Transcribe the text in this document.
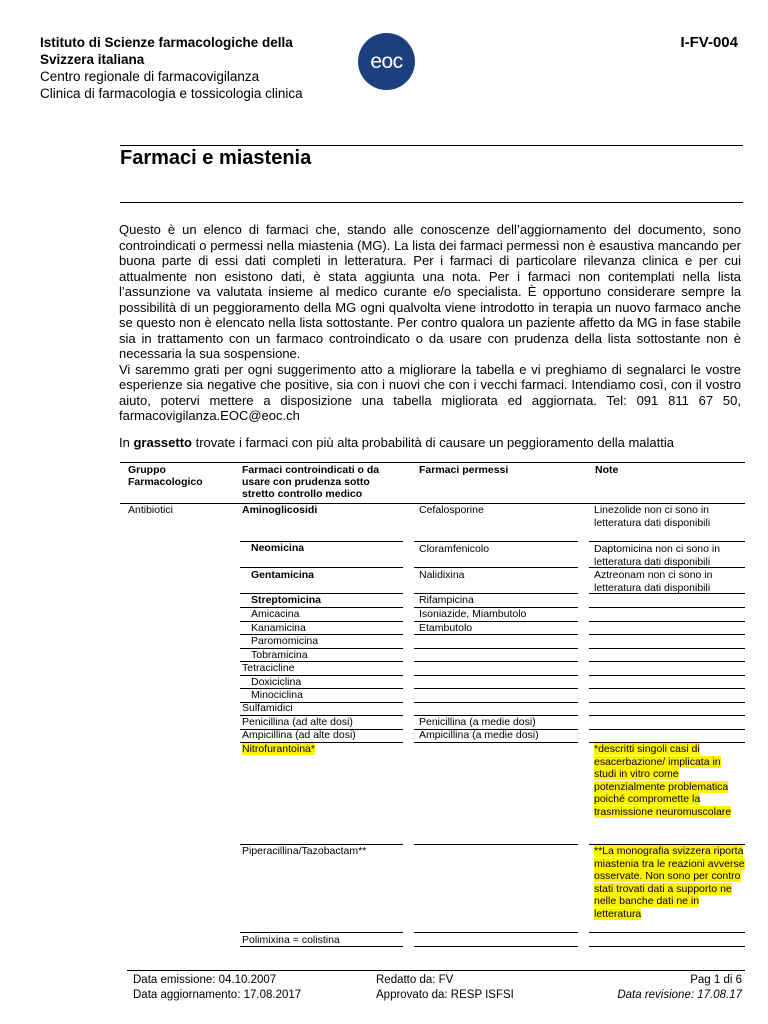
Istituto di Scienze farmacologiche della
Svizzera italiana
Centro regionale di farmacovigilanza
Clinica di farmacologia e tossicologia clinica
eoc
I-FV-004
Farmaci e miastenia

Questo è un elenco di farmaci che, stando alle conoscenze dell’aggiornamento del documento, sono controindicati o permessi nella miastenia (MG). La lista dei farmaci permessi non è esaustiva mancando per buona parte di essi dati completi in letteratura. Per i farmaci di particolare rilevanza clinica e per cui attualmente non esistono dati, è stata aggiunta una nota. Per i farmaci non contemplati nella lista l’assunzione va valutata insieme al medico curante e/o specialista. È opportuno considerare sempre la possibilità di un peggioramento della MG ogni qualvolta viene introdotto in terapia un nuovo farmaco anche se questo non è elencato nella lista sottostante. Per contro qualora un paziente affetto da MG in fase stabile sia in trattamento con un farmaco controindicato o da usare con prudenza della lista sottostante non è necessaria la sua sospensione.

Vi saremmo grati per ogni suggerimento atto a migliorare la tabella e vi preghiamo di segnalarci le vostre esperienze sia negative che positive, sia con i nuovi che con i vecchi farmaci. Intendiamo così, con il vostro aiuto, potervi mettere a disposizione una tabella migliorata ed aggiornata. Tel: 091 811 67 50, farmacovigilanza.EOC@eoc.ch

In grassetto trovate i farmaci con più alta probabilità di causare un peggioramento della malattia
Gruppo Farmacologico
Farmaci controindicati o da usare con prudenza sotto stretto controllo medico
Farmaci permessi	Note
Antibiotici	Aminoglicosidi
Neomicina
Gentamicina
Streptomicina
Amicacina
Kanamicina
Paromomicina
Tobramicina
Tetracicline
Doxiciclina
Minociclina
Sulfamidici
Penicillina (ad alte dosi)
Ampicillina (ad alte dosi)
Nitrofurantoina*
Piperacillina/Tazobactam**
Polimixina = colistina
Cefalosporine
Cloramfenicolo
Nalidixina
Rifampicina
Isoniazide, Miambutolo
Etambutolo
Penicillina (a medie dosi)
Ampicillina (a medie dosi)
Linezolide non ci sono in letteratura dati disponibili
Daptomicina non ci sono in letteratura dati disponibili
Aztreonam non ci sono in letteratura dati disponibili
*descritti singoli casi di esacerbazione/ implicata in studi in vitro come potenzialmente problematica poiché compromette la trasmissione neuromuscolare
**La monografia svizzera riporta miastenia tra le reazioni avverse osservate. Non sono per contro stati trovati dati a supporto ne nelle banche dati ne in letteratura
Data emissione: 04.10.2007
Data aggiornamento: 17.08.2017
Redatto da: FV
Approvato da: RESP ISFSI
Pag 1 di 6
Data revisione: 17.08.17
